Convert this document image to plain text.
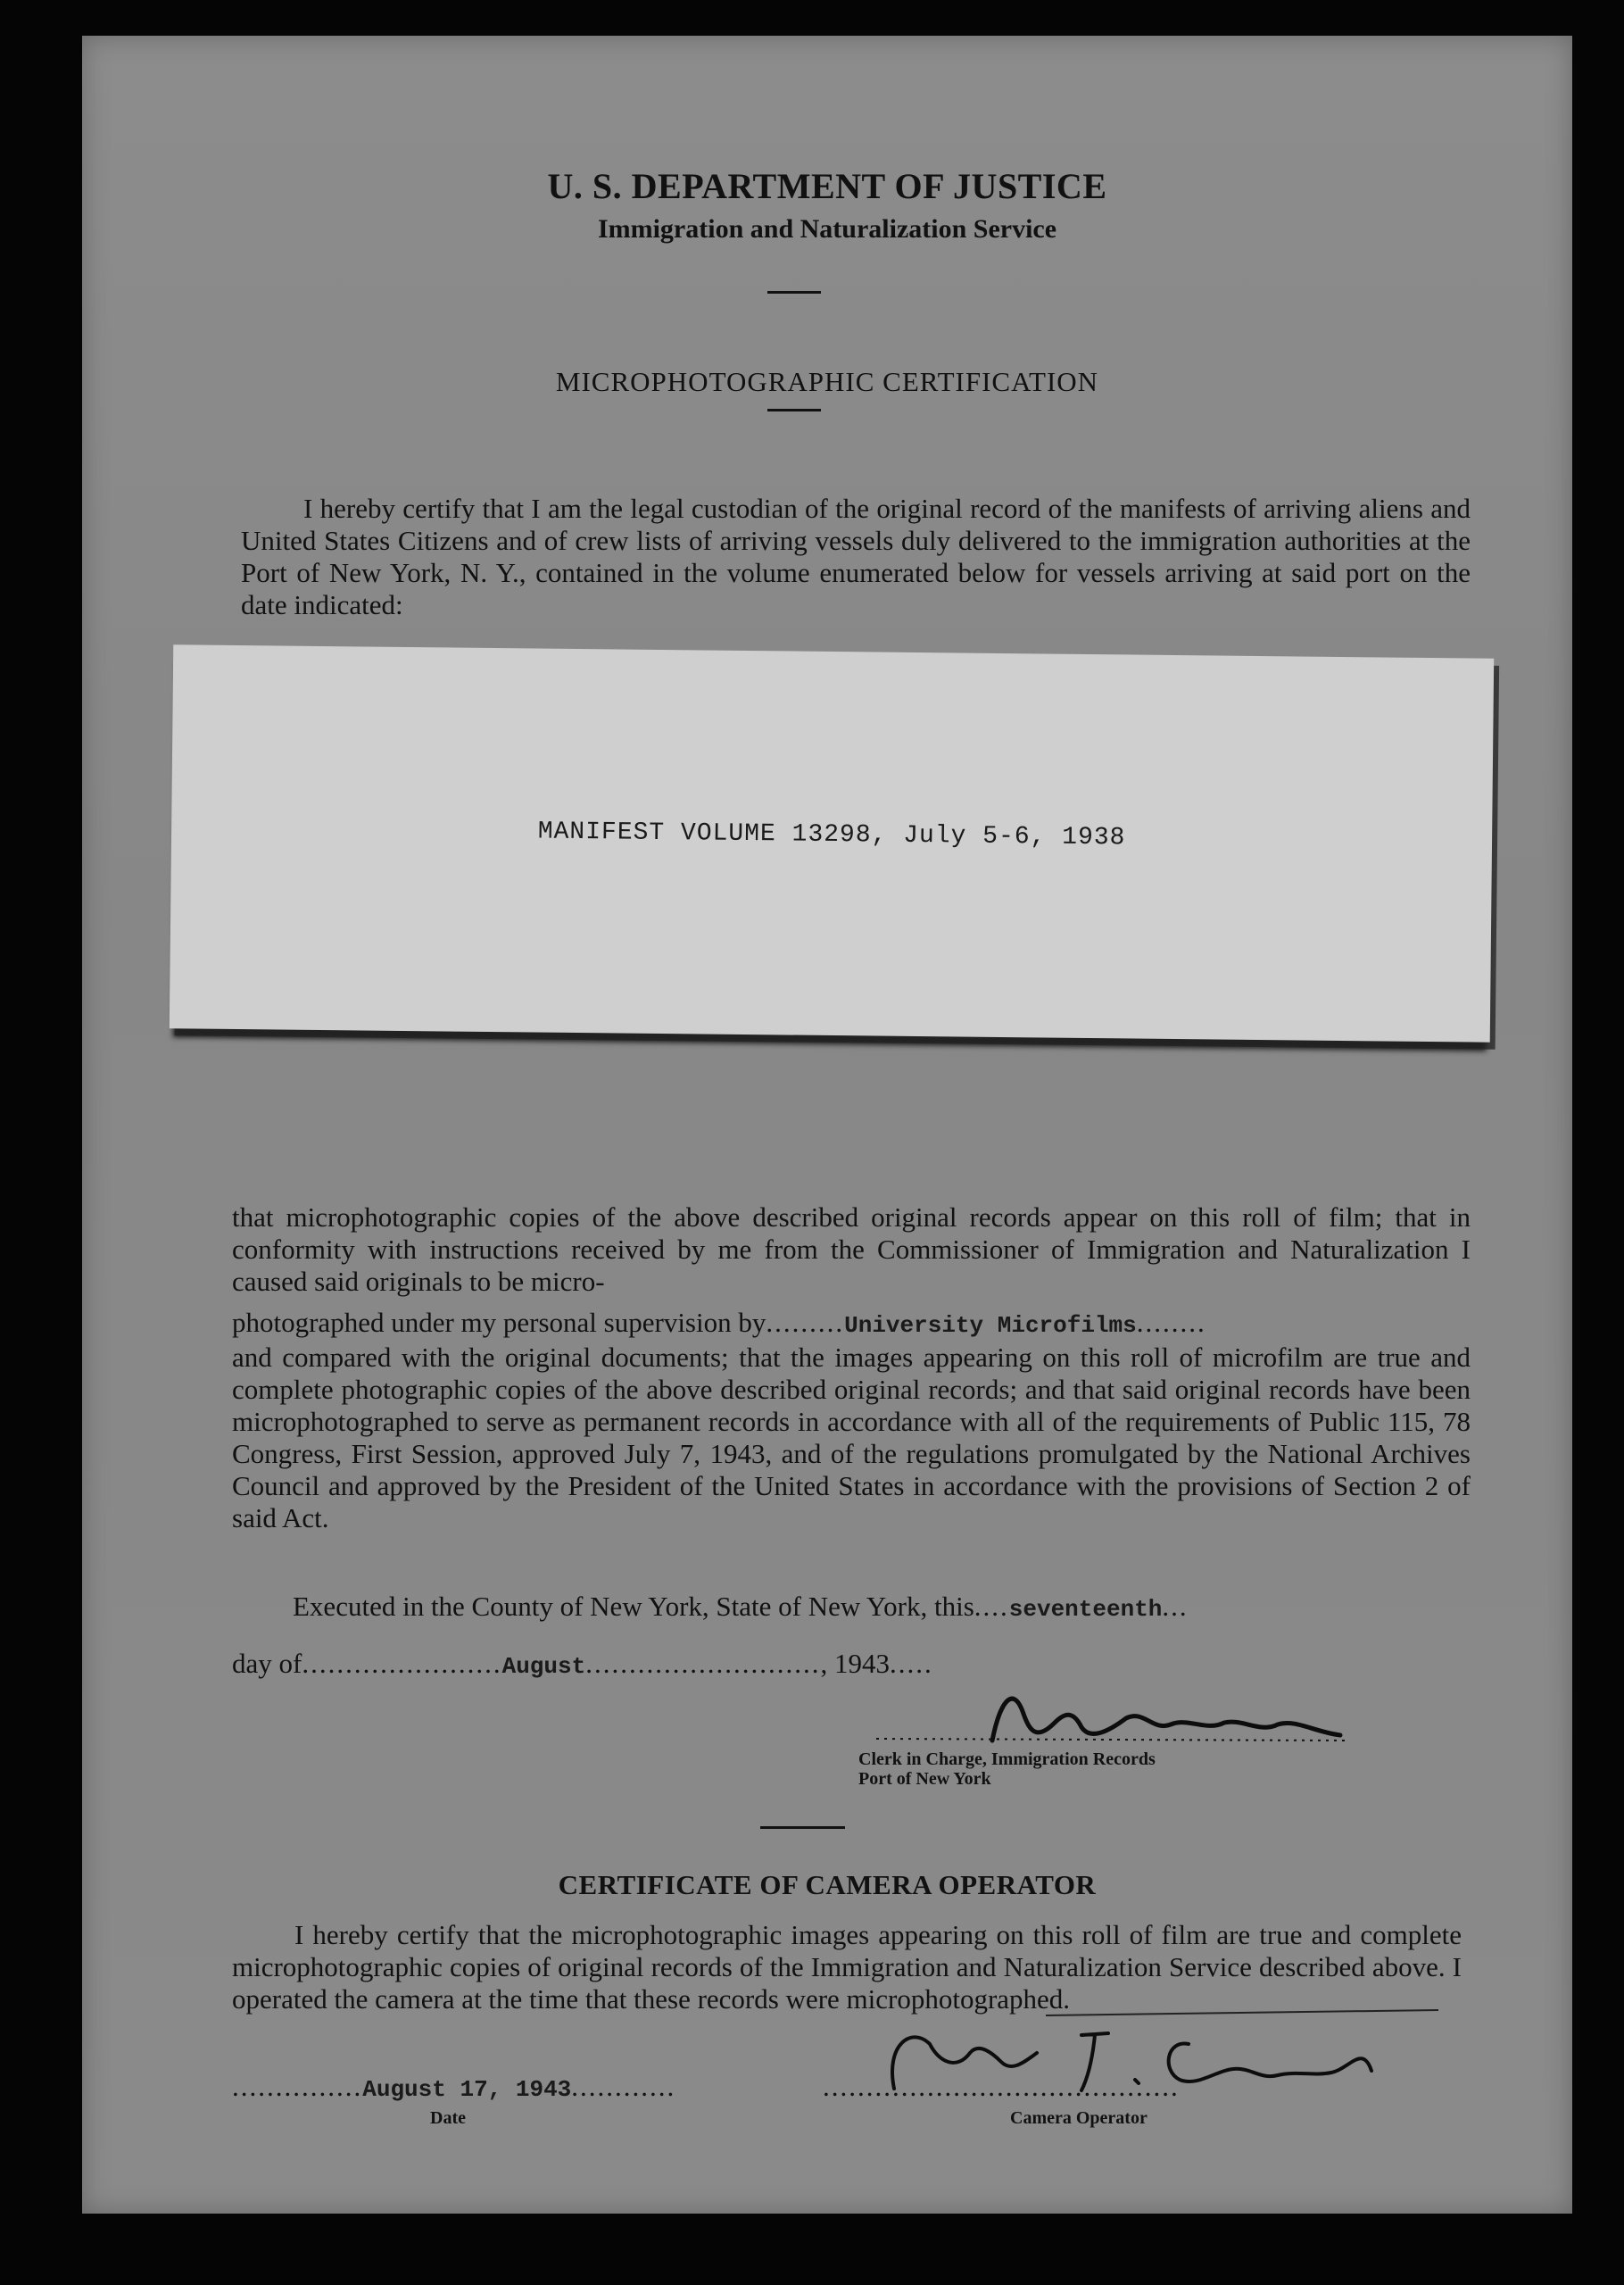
U. S. DEPARTMENT OF JUSTICE
Immigration and Naturalization Service
MICROPHOTOGRAPHIC CERTIFICATION

I hereby certify that I am the legal custodian of the original record of the manifests of arriving aliens and United States Citizens and of crew lists of arriving vessels duly delivered to the immigration authorities at the Port of New York, N. Y., contained in the volume enumerated below for vessels arriving at said port on the date indicated:

MANIFEST VOLUME 13298, July 5-6, 1938

that microphotographic copies of the above described original records appear on this roll of film; that in conformity with instructions received by me from the Commissioner of Immigration and Naturalization I caused said originals to be micro-

photographed under my personal supervision by.........University Microfilms........

and compared with the original documents; that the images appearing on this roll of microfilm are true and complete photographic copies of the above described original records; and that said original records have been microphotographed to serve as permanent records in accordance with all of the requirements of Public 115, 78 Congress, First Session, approved July 7, 1943, and of the regulations promulgated by the National Archives Council and approved by the President of the United States in accordance with the provisions of Section 2 of said Act.

Executed in the County of New York, State of New York, this....seventeenth...
day of.......................August..........................., 1943.....
Clerk in Charge, Immigration Records
Port of New York
CERTIFICATE OF CAMERA OPERATOR

I hereby certify that the microphotographic images appearing on this roll of film are true and complete microphotographic copies of original records of the Immigration and Naturalization Service described above. I operated the camera at the time that these records were microphotographed.

...............August 17, 1943............
Date
.........................................
Camera Operator
